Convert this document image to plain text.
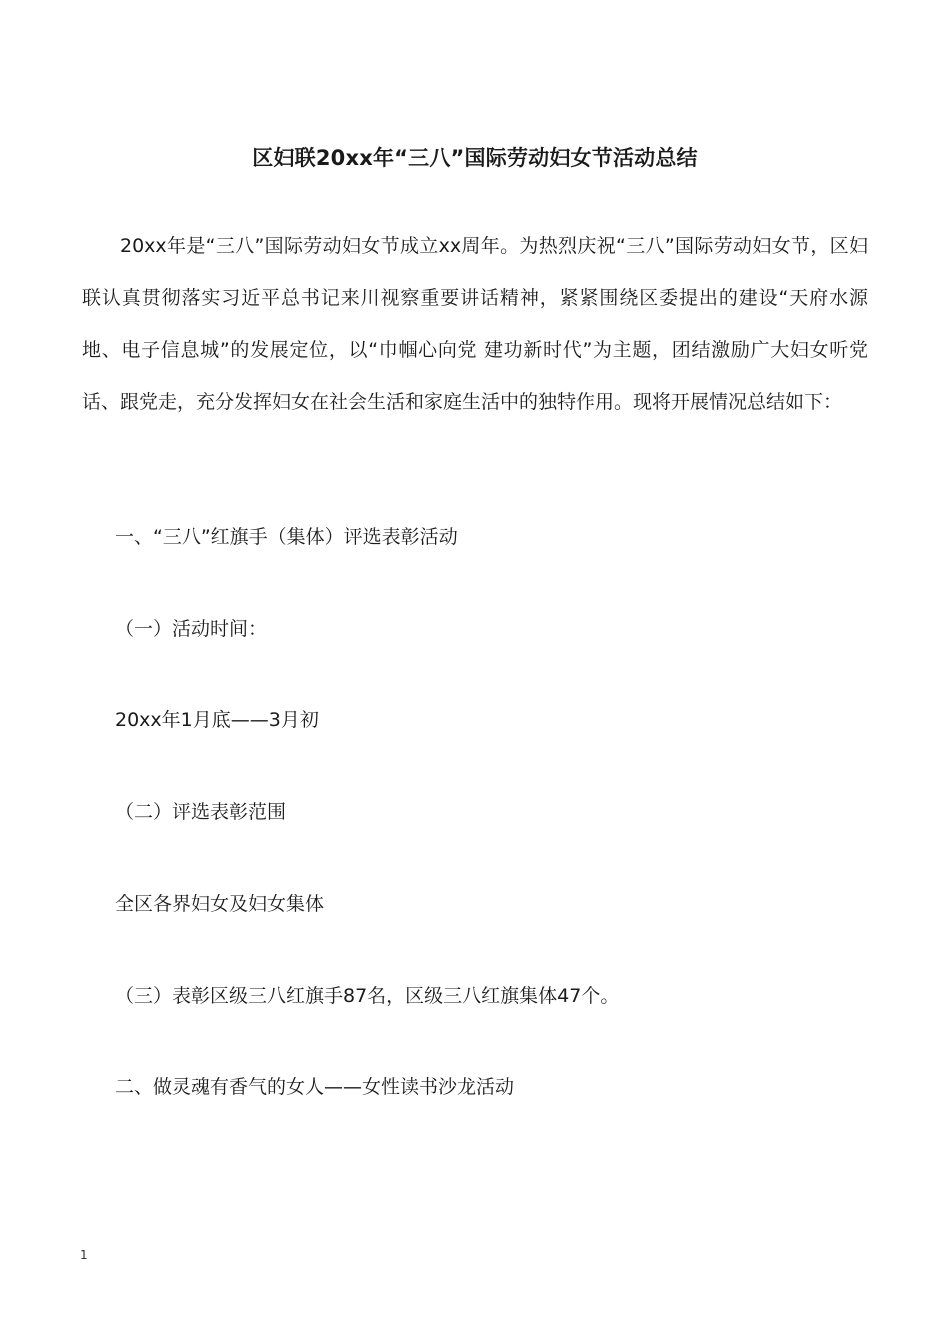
区妇联20xx年“三八”国际劳动妇女节活动总结
20xx年是“三八”国际劳动妇女节成立xx周年。为热烈庆祝“三八”国际劳动妇女节，区妇联认真贯彻落实习近平总书记来川视察重要讲话精神，紧紧围绕区委提出的建设“天府水源地、电子信息城”的发展定位，以“巾帼心向党 建功新时代”为主题，团结激励广大妇女听党话、跟党走，充分发挥妇女在社会生活和家庭生活中的独特作用。现将开展情况总结如下：
一、“三八”红旗手（集体）评选表彰活动
（一）活动时间：
20xx年1月底——3月初
（二）评选表彰范围
全区各界妇女及妇女集体
（三）表彰区级三八红旗手87名，区级三八红旗集体47个。
二、做灵魂有香气的女人——女性读书沙龙活动
1
